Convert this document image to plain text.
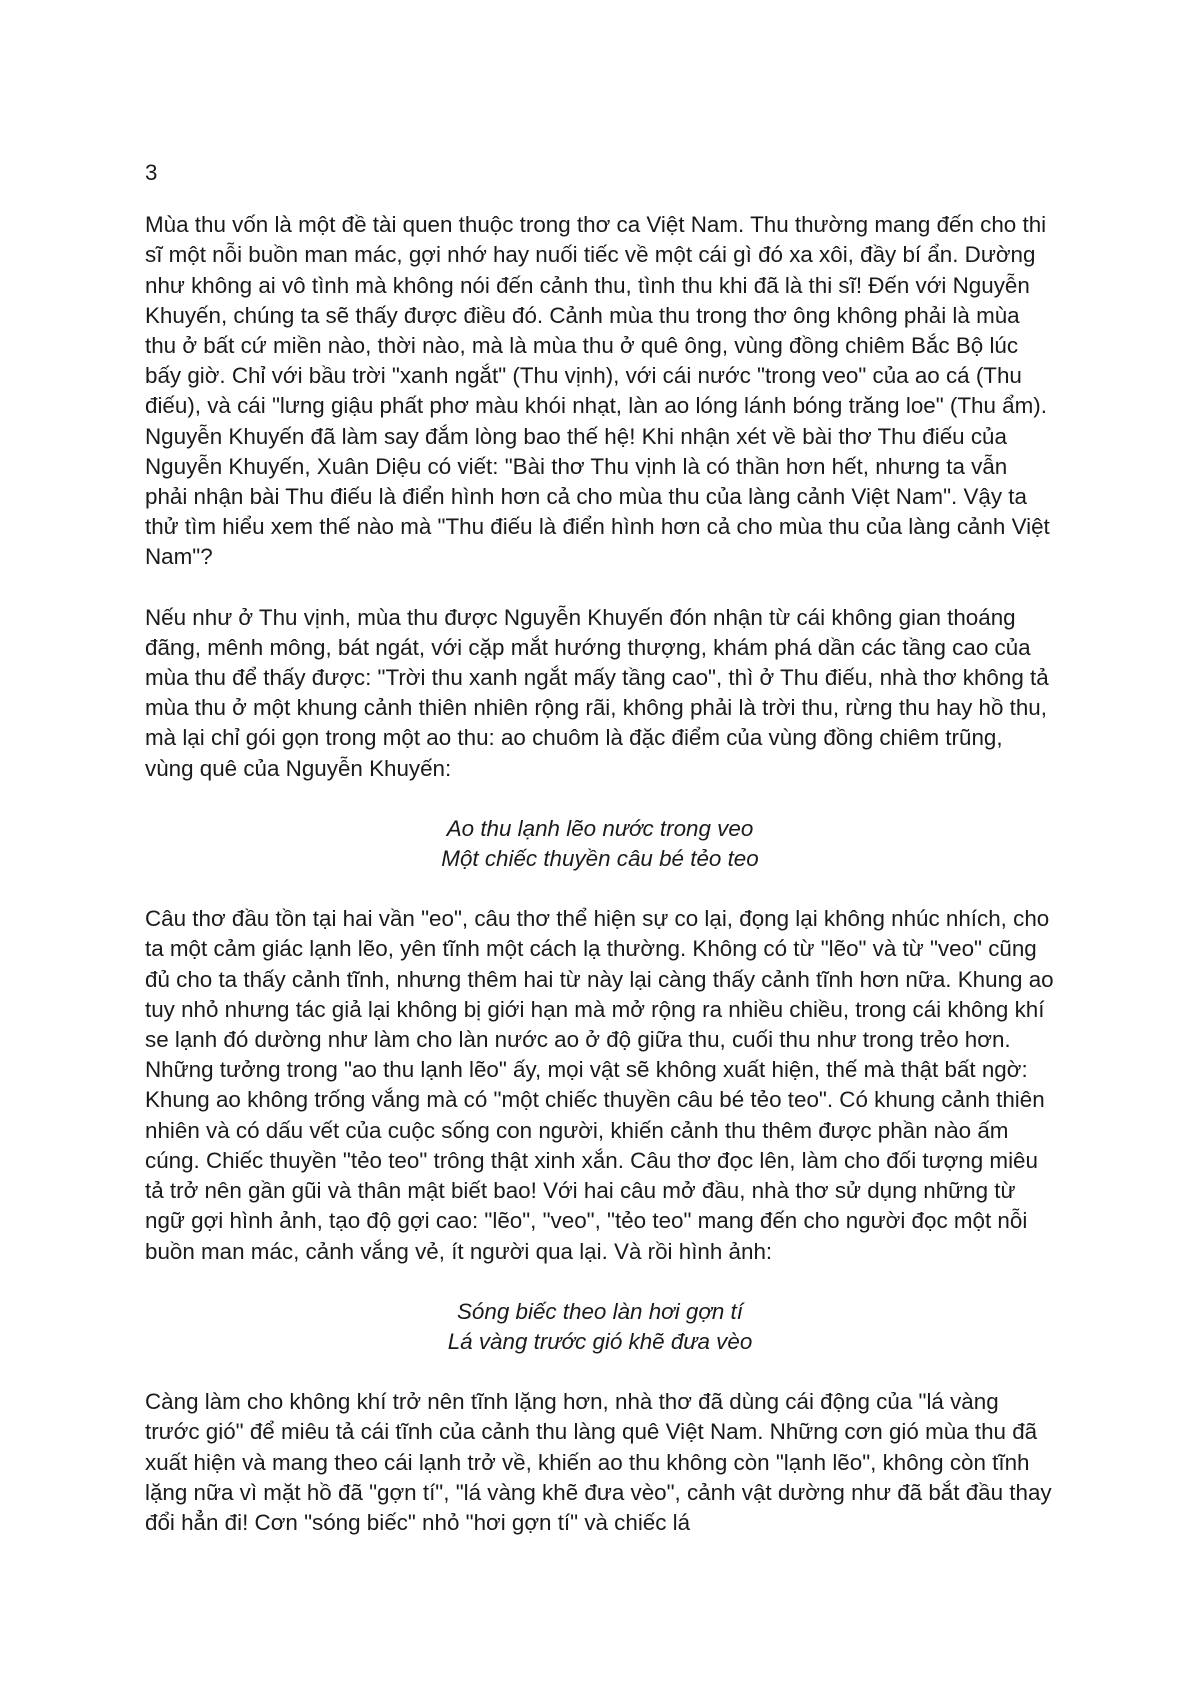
3

Mùa thu vốn là một đề tài quen thuộc trong thơ ca Việt Nam. Thu thường mang đến cho thi sĩ một nỗi buồn man mác, gợi nhớ hay nuối tiếc về một cái gì đó xa xôi, đầy bí ẩn. Dường như không ai vô tình mà không nói đến cảnh thu, tình thu khi đã là thi sĩ! Đến với Nguyễn Khuyến, chúng ta sẽ thấy được điều đó. Cảnh mùa thu trong thơ ông không phải là mùa thu ở bất cứ miền nào, thời nào, mà là mùa thu ở quê ông, vùng đồng chiêm Bắc Bộ lúc bấy giờ. Chỉ với bầu trời "xanh ngắt" (Thu vịnh), với cái nước "trong veo" của ao cá (Thu điếu), và cái "lưng giậu phất phơ màu khói nhạt, làn ao lóng lánh bóng trăng loe" (Thu ẩm). Nguyễn Khuyến đã làm say đắm lòng bao thế hệ! Khi nhận xét về bài thơ Thu điếu của Nguyễn Khuyến, Xuân Diệu có viết: "Bài thơ Thu vịnh là có thần hơn hết, nhưng ta vẫn phải nhận bài Thu điếu là điển hình hơn cả cho mùa thu của làng cảnh Việt Nam". Vậy ta thử tìm hiểu xem thế nào mà "Thu điếu là điển hình hơn cả cho mùa thu của làng cảnh Việt Nam"?

Nếu như ở Thu vịnh, mùa thu được Nguyễn Khuyến đón nhận từ cái không gian thoáng đãng, mênh mông, bát ngát, với cặp mắt hướng thượng, khám phá dần các tầng cao của mùa thu để thấy được: "Trời thu xanh ngắt mấy tầng cao", thì ở Thu điếu, nhà thơ không tả mùa thu ở một khung cảnh thiên nhiên rộng rãi, không phải là trời thu, rừng thu hay hồ thu, mà lại chỉ gói gọn trong một ao thu: ao chuôm là đặc điểm của vùng đồng chiêm trũng, vùng quê của Nguyễn Khuyến:

Ao thu lạnh lẽo nước trong veo
Một chiếc thuyền câu bé tẻo teo

Câu thơ đầu tồn tại hai vần "eo", câu thơ thể hiện sự co lại, đọng lại không nhúc nhích, cho ta một cảm giác lạnh lẽo, yên tĩnh một cách lạ thường. Không có từ "lẽo" và từ "veo" cũng đủ cho ta thấy cảnh tĩnh, nhưng thêm hai từ này lại càng thấy cảnh tĩnh hơn nữa. Khung ao tuy nhỏ nhưng tác giả lại không bị giới hạn mà mở rộng ra nhiều chiều, trong cái không khí se lạnh đó dường như làm cho làn nước ao ở độ giữa thu, cuối thu như trong trẻo hơn. Những tưởng trong "ao thu lạnh lẽo" ấy, mọi vật sẽ không xuất hiện, thế mà thật bất ngờ: Khung ao không trống vắng mà có "một chiếc thuyền câu bé tẻo teo". Có khung cảnh thiên nhiên và có dấu vết của cuộc sống con người, khiến cảnh thu thêm được phần nào ấm cúng. Chiếc thuyền "tẻo teo" trông thật xinh xắn. Câu thơ đọc lên, làm cho đối tượng miêu tả trở nên gần gũi và thân mật biết bao! Với hai câu mở đầu, nhà thơ sử dụng những từ ngữ gợi hình ảnh, tạo độ gợi cao: "lẽo", "veo", "tẻo teo" mang đến cho người đọc một nỗi buồn man mác, cảnh vắng vẻ, ít người qua lại. Và rồi hình ảnh:

Sóng biếc theo làn hơi gợn tí
Lá vàng trước gió khẽ đưa vèo

Càng làm cho không khí trở nên tĩnh lặng hơn, nhà thơ đã dùng cái động của "lá vàng trước gió" để miêu tả cái tĩnh của cảnh thu làng quê Việt Nam. Những cơn gió mùa thu đã xuất hiện và mang theo cái lạnh trở về, khiến ao thu không còn "lạnh lẽo", không còn tĩnh lặng nữa vì mặt hồ đã "gợn tí", "lá vàng khẽ đưa vèo", cảnh vật dường như đã bắt đầu thay đổi hẳn đi! Cơn "sóng biếc" nhỏ "hơi gợn tí" và chiếc lá
